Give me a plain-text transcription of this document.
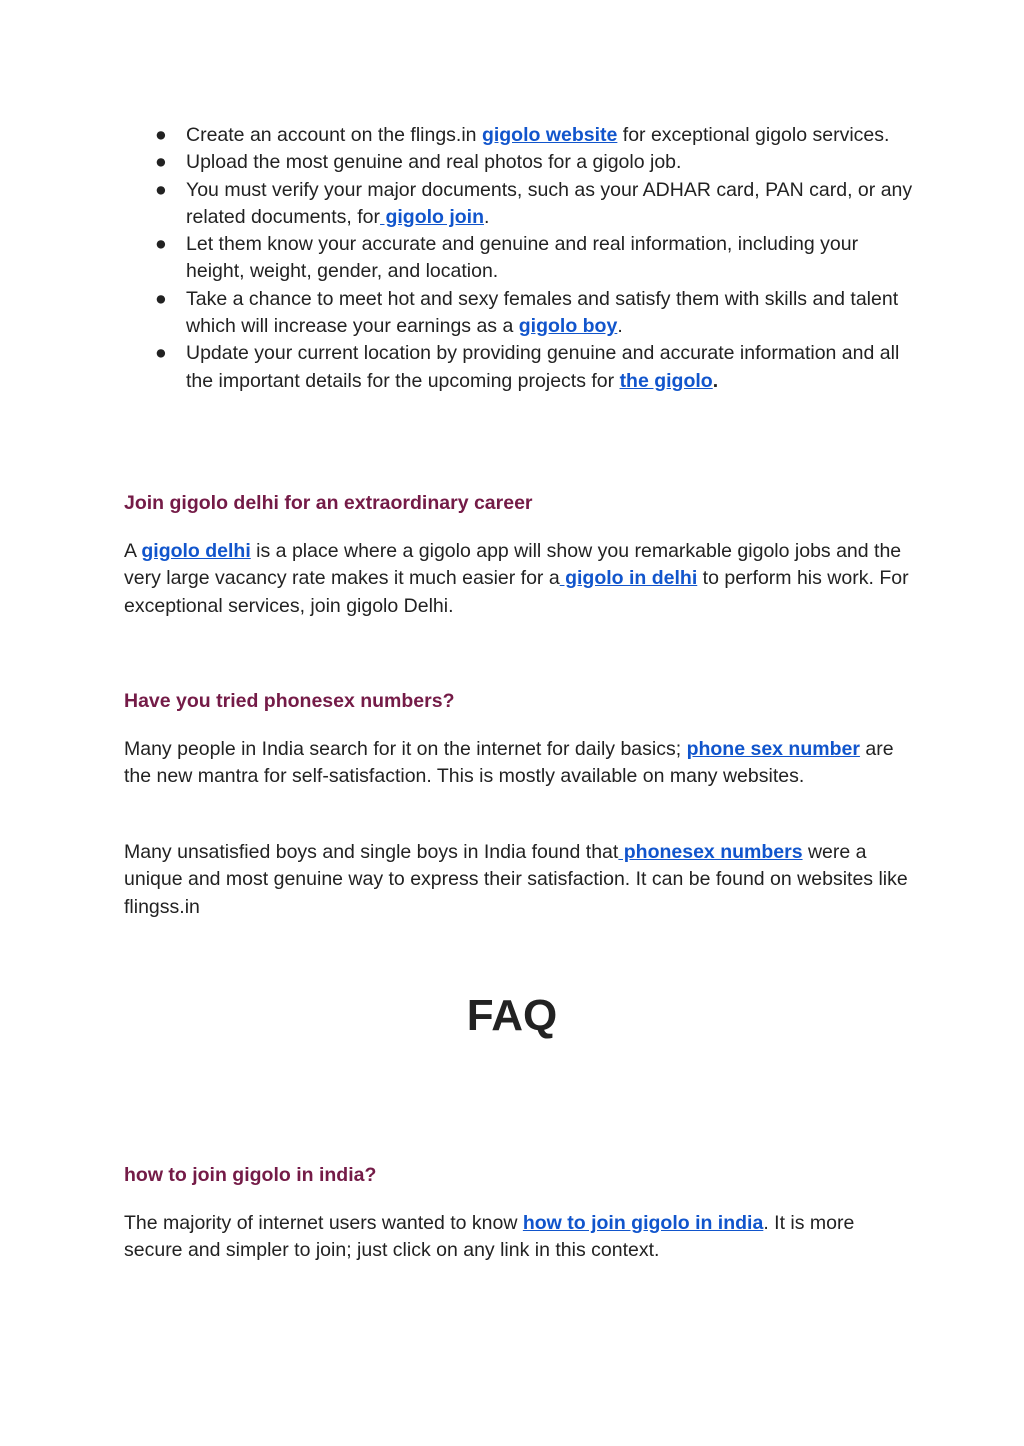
● Create an account on the flings.in gigolo website for exceptional gigolo services.
● Upload the most genuine and real photos for a gigolo job.
● You must verify your major documents, such as your ADHAR card, PAN card, or any related documents, for gigolo join.
● Let them know your accurate and genuine and real information, including your height, weight, gender, and location.
● Take a chance to meet hot and sexy females and satisfy them with skills and talent which will increase your earnings as a gigolo boy.
● Update your current location by providing genuine and accurate information and all the important details for the upcoming projects for the gigolo.
Join gigolo delhi for an extraordinary career

A gigolo delhi is a place where a gigolo app will show you remarkable gigolo jobs and the very large vacancy rate makes it much easier for a gigolo in delhi to perform his work. For exceptional services, join gigolo Delhi.

Have you tried phonesex numbers?

Many people in India search for it on the internet for daily basics; phone sex number are the new mantra for self-satisfaction. This is mostly available on many websites.

Many unsatisfied boys and single boys in India found that phonesex numbers were a unique and most genuine way to express their satisfaction. It can be found on websites like flingss.in

FAQ
how to join gigolo in india?

The majority of internet users wanted to know how to join gigolo in india. It is more secure and simpler to join; just click on any link in this context.
